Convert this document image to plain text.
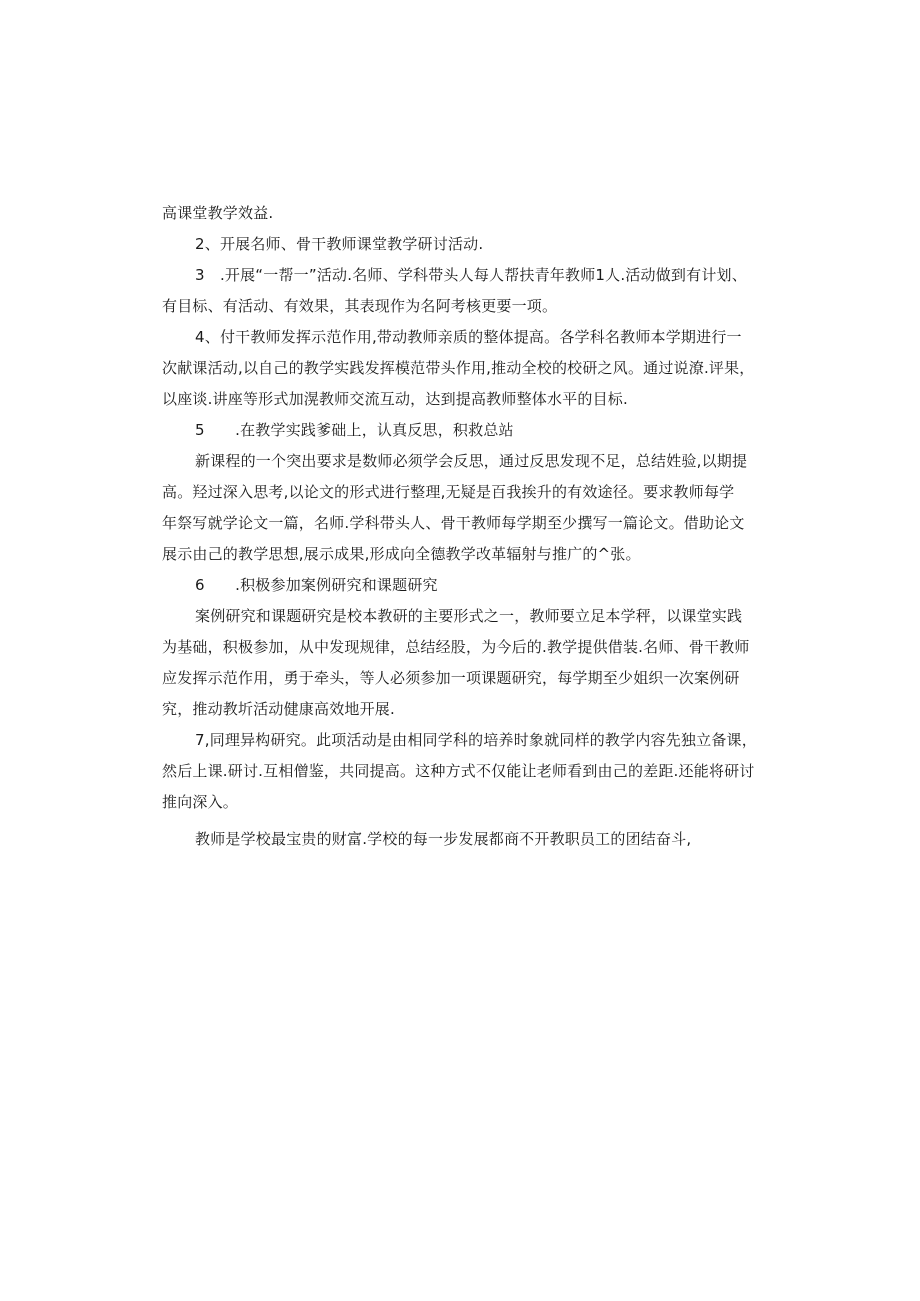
高课堂教学效益.
2、开展名师、骨干教师课堂教学研讨活动.
3　.开展“一帮一”活动.名师、学科带头人每人帮扶青年教师1人.活动做到有计划、
有目标、有活动、有效果，其表现作为名阿考核更要一项。
4、付干教师发挥示范作用,带动教师亲质的整体提高。各学科名教师本学期进行一
次献课活动,以自己的教学实践发挥模范带头作用,推动全校的校研之风。通过说潦.评果，
以座谈.讲座等形式加滉教师交流互动，达到提高教师整体水平的目标.
5　　.在教学实践爹础上，认真反思，积救总站
新课程的一个突出要求是数师必须学会反思，通过反思发现不足，总结姓验,以期提
高。羟过深入思考,以论文的形式进行整理,无疑是百我挨升的有效途径。要求教师每学
年祭写就学论文一篇，名师.学科带头人、骨干教师每学期至少撰写一篇论文。借助论文
展示由己的教学思想,展示成果,形成向全德教学改革辐射与推广的^张。
6　　.积极参加案例研究和课题研究
案例研究和课题研究是校本教研的主要形式之一，教师要立足本学秤，以课堂实践
为基础，积极参加，从中发现规律，总结经股，为今后的.教学提供借装.名师、骨干教师
应发挥示范作用，勇于牵头，等人必须参加一项课题研究，每学期至少姐织一次案例研
究，推动教圻活动健康高效地开展.
7,同理异构研究。此项活动是由相同学科的培养时象就同样的教学内容先独立备课，
然后上课.研讨.互相僧鉴，共同提高。这种方式不仅能让老师看到由己的差距.还能将研讨
推向深入。
教师是学校最宝贵的财富.学校的每一步发展都商不开教职员工的团结奋斗,
